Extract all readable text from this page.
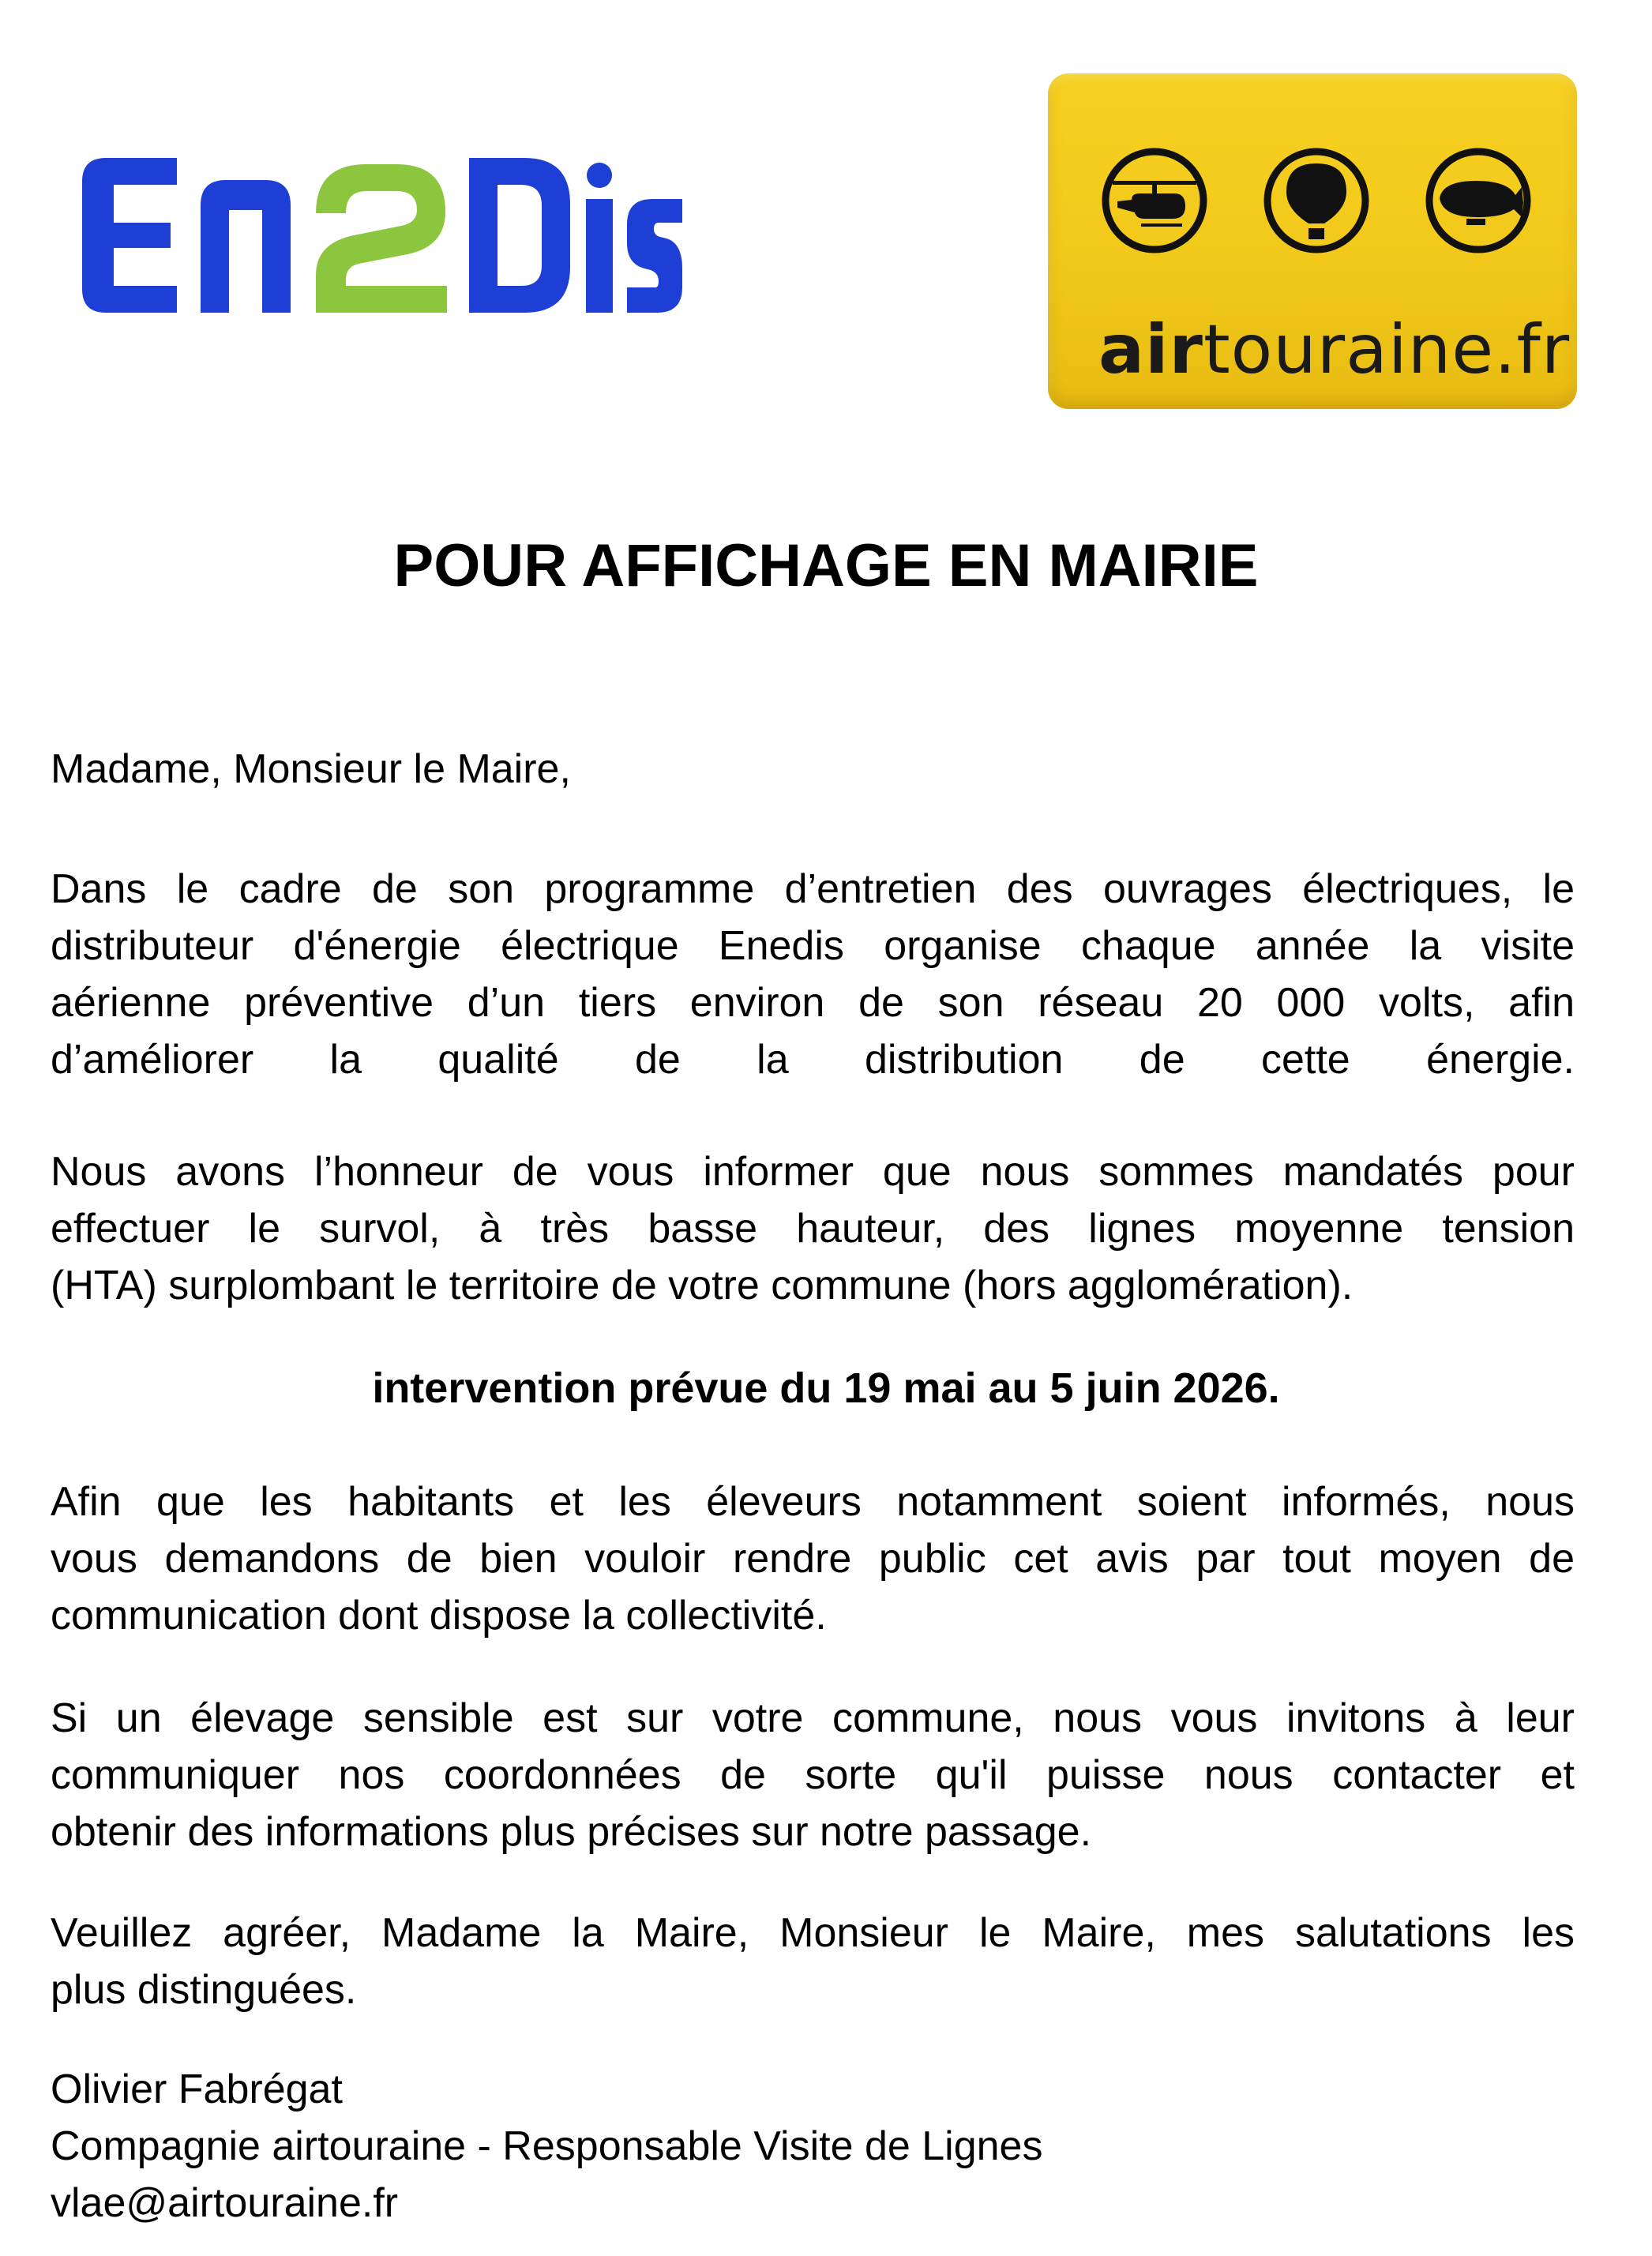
airtouraine.fr
POUR AFFICHAGE EN MAIRIE
Madame, Monsieur le Maire,
Dans le cadre de son programme d’entretien des ouvrages électriques, le
distributeur d'énergie électrique Enedis organise chaque année la visite
aérienne préventive d’un tiers environ de son réseau 20 000 volts, afin
d’améliorer la qualité de la distribution de cette énergie.
Nous avons l’honneur de vous informer que nous sommes mandatés pour
effectuer le survol, à très basse hauteur, des lignes moyenne tension
(HTA) surplombant le territoire de votre commune (hors agglomération).
intervention prévue du 19 mai au 5 juin 2026.
Afin que les habitants et les éleveurs notamment soient informés, nous
vous demandons de bien vouloir rendre public cet avis par tout moyen de
communication dont dispose la collectivité.
Si un élevage sensible est sur votre commune, nous vous invitons à leur
communiquer nos coordonnées de sorte qu'il puisse nous contacter et
obtenir des informations plus précises sur notre passage.
Veuillez agréer, Madame la Maire, Monsieur le Maire, mes salutations les
plus distinguées.
Olivier Fabrégat
Compagnie airtouraine - Responsable Visite de Lignes
vlae@airtouraine.fr
